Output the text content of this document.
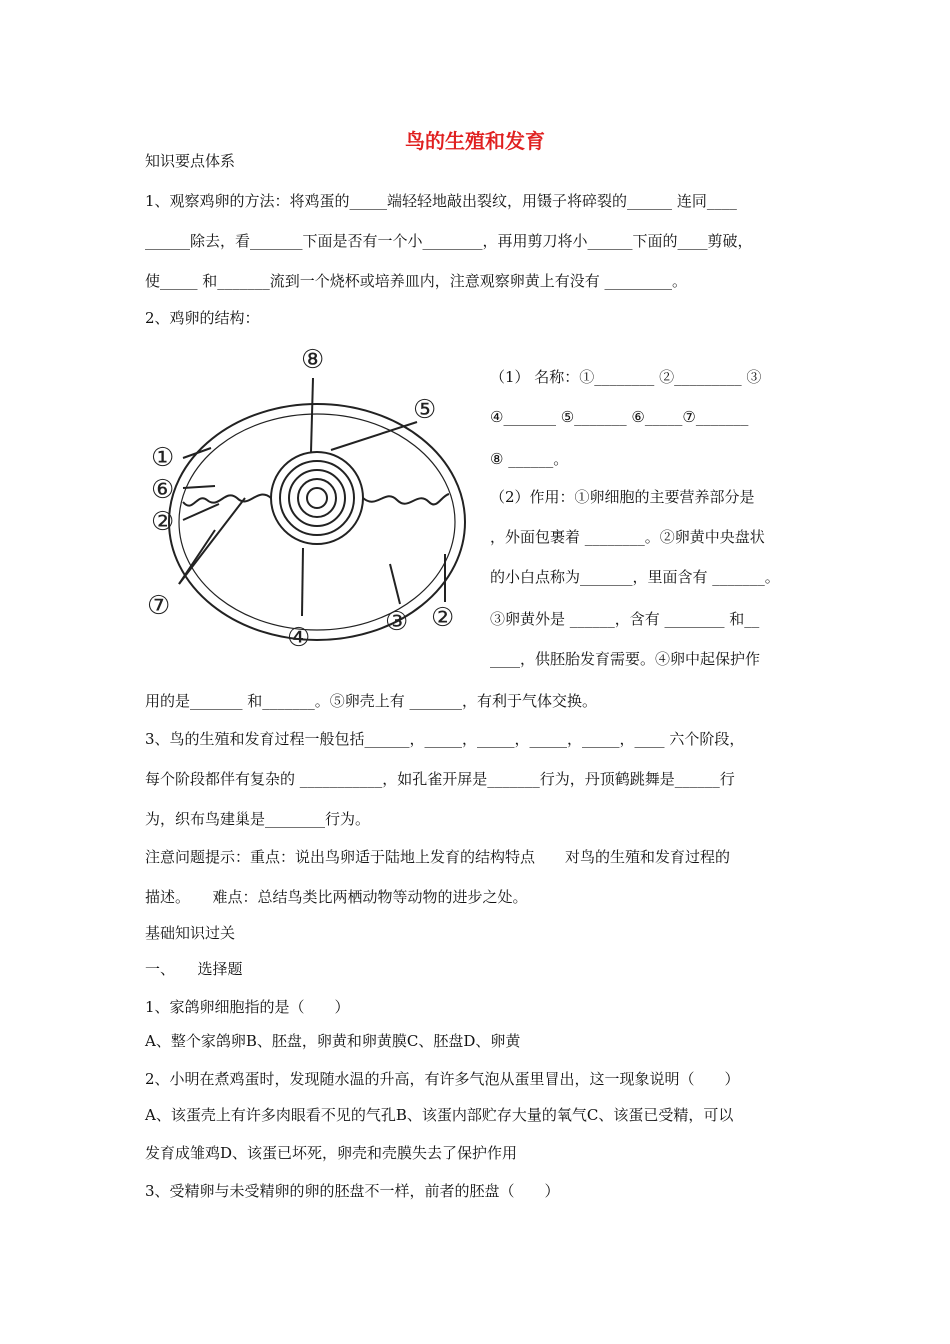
鸟的生殖和发育
知识要点体系
1、观察鸡卵的方法：将鸡蛋的_____端轻轻地敲出裂纹，用镊子将碎裂的______ 连同____
______除去，看_______下面是否有一个小________，再用剪刀将小______下面的____剪破，
使_____ 和_______流到一个烧杯或培养皿内，注意观察卵黄上有没有 _________。
2、鸡卵的结构：
⑧
⑤
①
⑥
②
⑦
④
③ ②
（1） 名称：①________ ②_________ ③
④_______ ⑤_______ ⑥_____⑦_______
⑧ ______。
（2）作用：①卵细胞的主要营养部分是
，外面包裹着 ________。②卵黄中央盘状
的小白点称为_______，里面含有 _______。
③卵黄外是 ______，含有 ________ 和__
____，供胚胎发育需要。④卵中起保护作
用的是_______ 和_______。⑤卵壳上有 _______，有利于气体交换。
3、鸟的生殖和发育过程一般包括______，_____，_____，_____，_____，____ 六个阶段，
每个阶段都伴有复杂的 ___________，如孔雀开屏是_______行为，丹顶鹤跳舞是______行
为，织布鸟建巢是________行为。
注意问题提示：重点：说出鸟卵适于陆地上发育的结构特点　　对鸟的生殖和发育过程的
描述。　　难点：总结鸟类比两栖动物等动物的进步之处。
基础知识过关
一、　　选择题
1、家鸽卵细胞指的是（　　）
A、整个家鸽卵B、胚盘，卵黄和卵黄膜C、胚盘D、卵黄
2、小明在煮鸡蛋时，发现随水温的升高，有许多气泡从蛋里冒出，这一现象说明（　　）
A、该蛋壳上有许多肉眼看不见的气孔B、该蛋内部贮存大量的氧气C、该蛋已受精，可以
发育成雏鸡D、该蛋已坏死，卵壳和壳膜失去了保护作用
3、受精卵与未受精卵的卵的胚盘不一样，前者的胚盘（　　）
